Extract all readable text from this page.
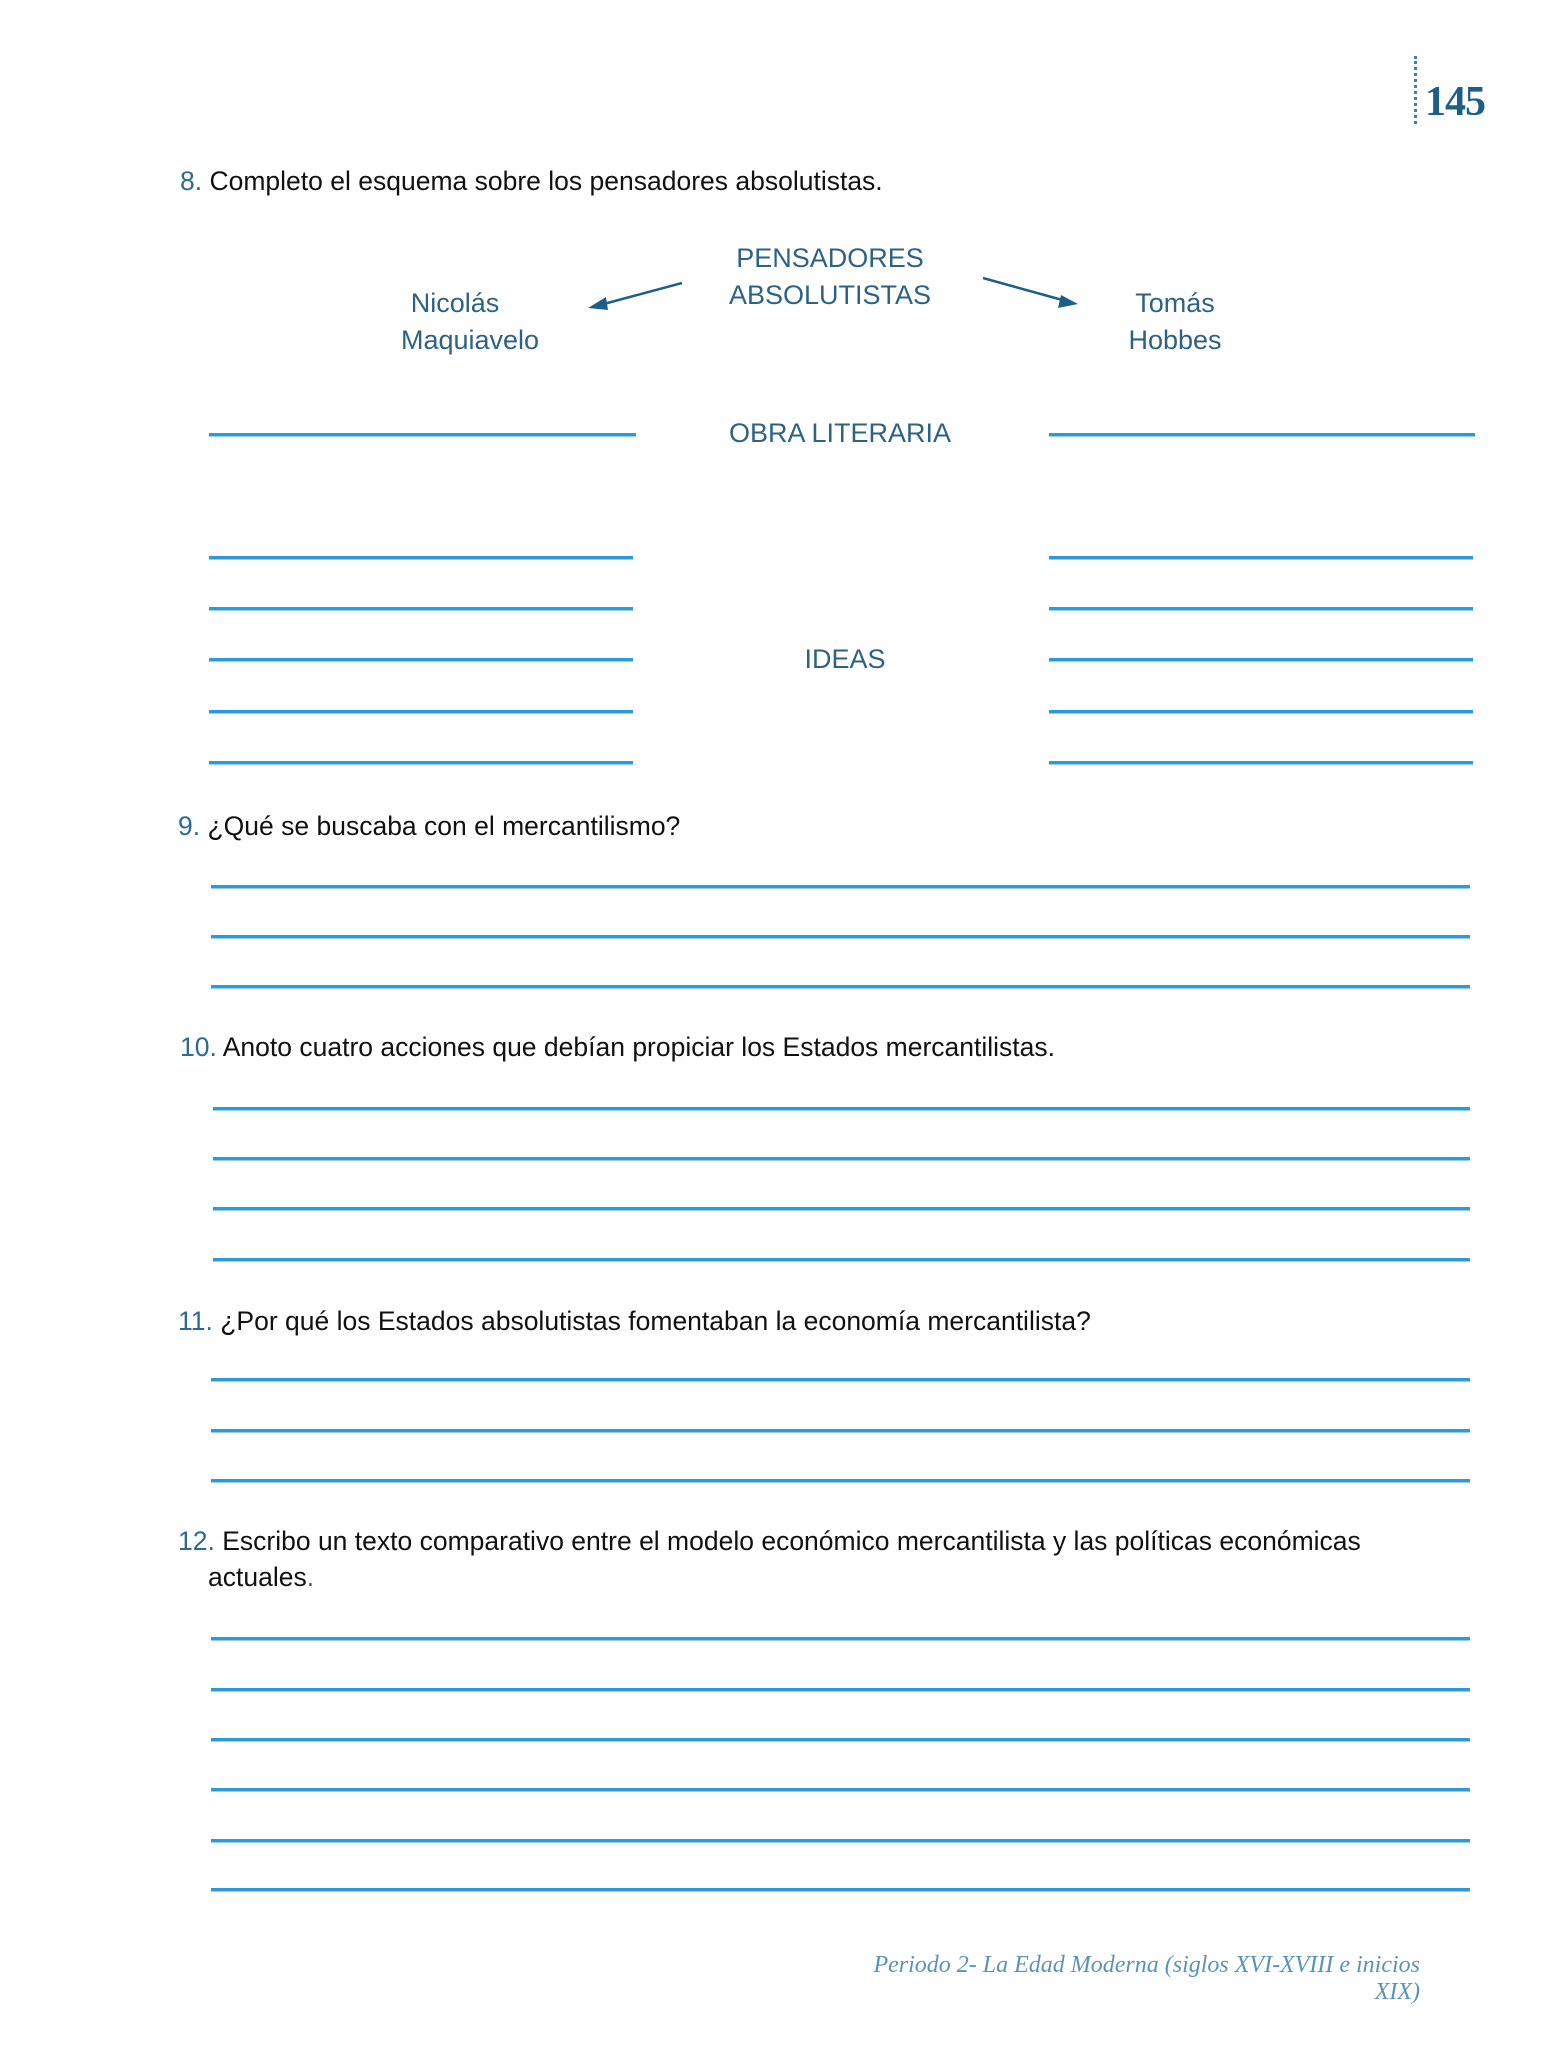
145
8. Completo el esquema sobre los pensadores absolutistas.
PENSADORES
ABSOLUTISTAS
Nicolás
Maquiavelo
Tomás
Hobbes
OBRA LITERARIA
IDEAS
9. ¿Qué se buscaba con el mercantilismo?
10. Anoto cuatro acciones que debían propiciar los Estados mercantilistas.
11. ¿Por qué los Estados absolutistas fomentaban la economía mercantilista?
12. Escribo un texto comparativo entre el modelo económico mercantilista y las políticas económicas
actuales.
Periodo 2- La Edad Moderna (siglos XVI-XVIII e inicios XIX)
